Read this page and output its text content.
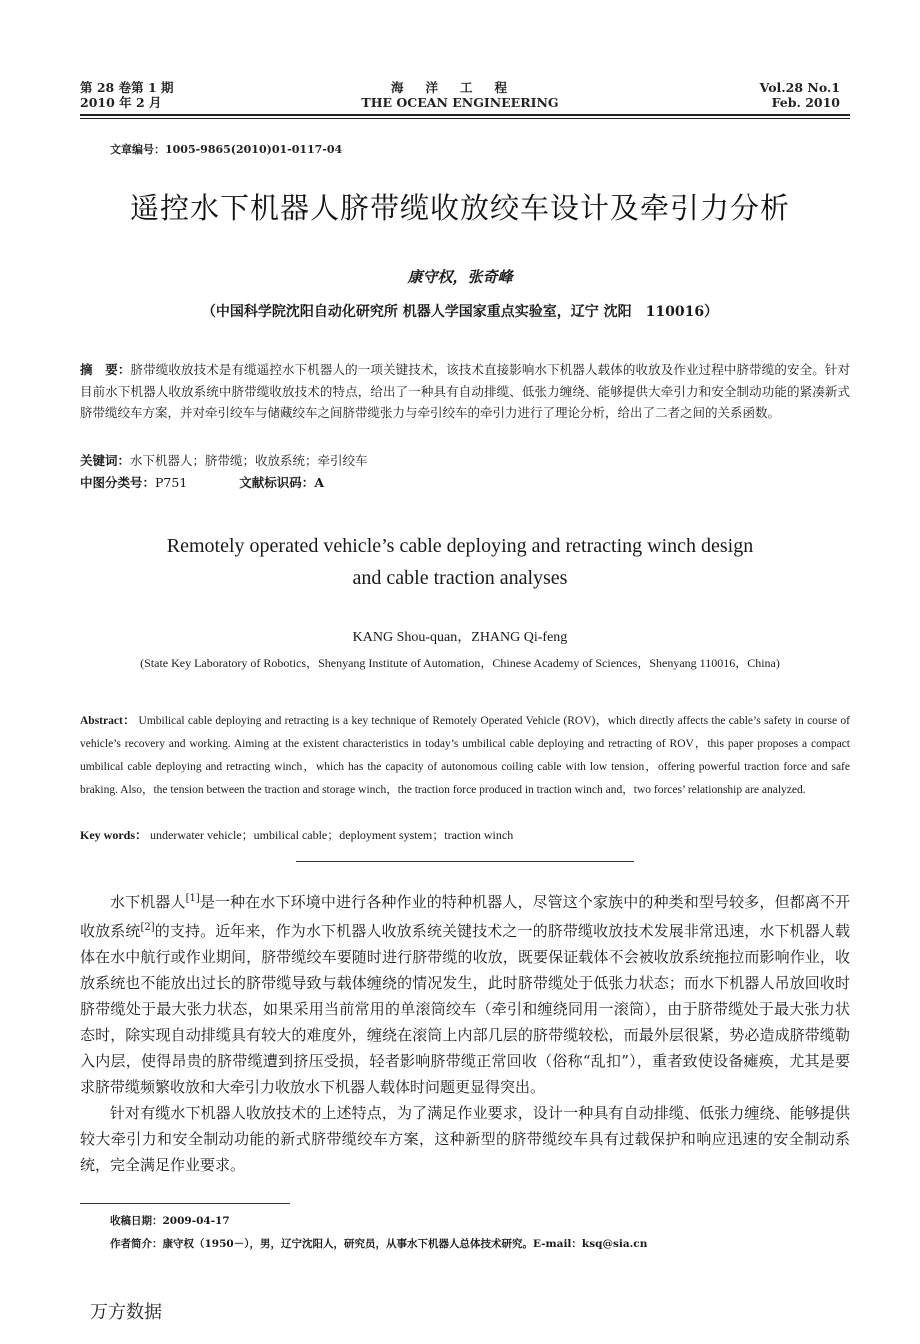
第 28 卷第 1 期
2010 年 2 月
海洋工程
THE OCEAN ENGINEERING
Vol.28 No.1
Feb. 2010
文章编号：1005-9865(2010)01-0117-04
遥控水下机器人脐带缆收放绞车设计及牵引力分析
康守权，张奇峰
（中国科学院沈阳自动化研究所 机器人学国家重点实验室，辽宁 沈阳　110016）
摘　要：脐带缆收放技术是有缆遥控水下机器人的一项关键技术，该技术直接影响水下机器人载体的收放及作业过程中脐带缆的安全。针对目前水下机器人收放系统中脐带缆收放技术的特点，给出了一种具有自动排缆、低张力缠绕、能够提供大牵引力和安全制动功能的紧凑新式脐带缆绞车方案，并对牵引绞车与储藏绞车之间脐带缆张力与牵引绞车的牵引力进行了理论分析，给出了二者之间的关系函数。
关键词：水下机器人；脐带缆；收放系统；牵引绞车
中图分类号：P751	文献标识码：A
Remotely operated vehicle’s cable deploying and retracting winch design
and cable traction analyses
KANG Shou-quan，ZHANG Qi-feng
(State Key Laboratory of Robotics，Shenyang Institute of Automation，Chinese Academy of Sciences，Shenyang 110016，China)
Abstract： Umbilical cable deploying and retracting is a key technique of Remotely Operated Vehicle (ROV)，which directly affects the cable’s safety in course of vehicle’s recovery and working. Aiming at the existent characteristics in today’s umbilical cable deploying and retracting of ROV，this paper proposes a compact umbilical cable deploying and retracting winch，which has the capacity of autonomous coiling cable with low tension，offering powerful traction force and safe braking. Also，the tension between the traction and storage winch，the traction force produced in traction winch and，two forces’ relationship are analyzed.
Key words： underwater vehicle；umbilical cable；deployment system；traction winch

水下机器人[1]是一种在水下环境中进行各种作业的特种机器人，尽管这个家族中的种类和型号较多，但都离不开收放系统[2]的支持。近年来，作为水下机器人收放系统关键技术之一的脐带缆收放技术发展非常迅速，水下机器人载体在水中航行或作业期间，脐带缆绞车要随时进行脐带缆的收放，既要保证载体不会被收放系统拖拉而影响作业，收放系统也不能放出过长的脐带缆导致与载体缠绕的情况发生，此时脐带缆处于低张力状态；而水下机器人吊放回收时脐带缆处于最大张力状态，如果采用当前常用的单滚筒绞车（牵引和缠绕同用一滚筒），由于脐带缆处于最大张力状态时，除实现自动排缆具有较大的难度外，缠绕在滚筒上内部几层的脐带缆较松，而最外层很紧，势必造成脐带缆勒入内层，使得昂贵的脐带缆遭到挤压受损，轻者影响脐带缆正常回收（俗称“乱扣”），重者致使设备瘫痪，尤其是要求脐带缆频繁收放和大牵引力收放水下机器人载体时问题更显得突出。

针对有缆水下机器人收放技术的上述特点，为了满足作业要求，设计一种具有自动排缆、低张力缠绕、能够提供较大牵引力和安全制动功能的新式脐带缆绞车方案，这种新型的脐带缆绞车具有过载保护和响应迅速的安全制动系统，完全满足作业要求。

收稿日期：2009-04-17
作者简介：康守权（1950－），男，辽宁沈阳人，研究员，从事水下机器人总体技术研究。E-mail：ksq@sia.cn
万方数据
